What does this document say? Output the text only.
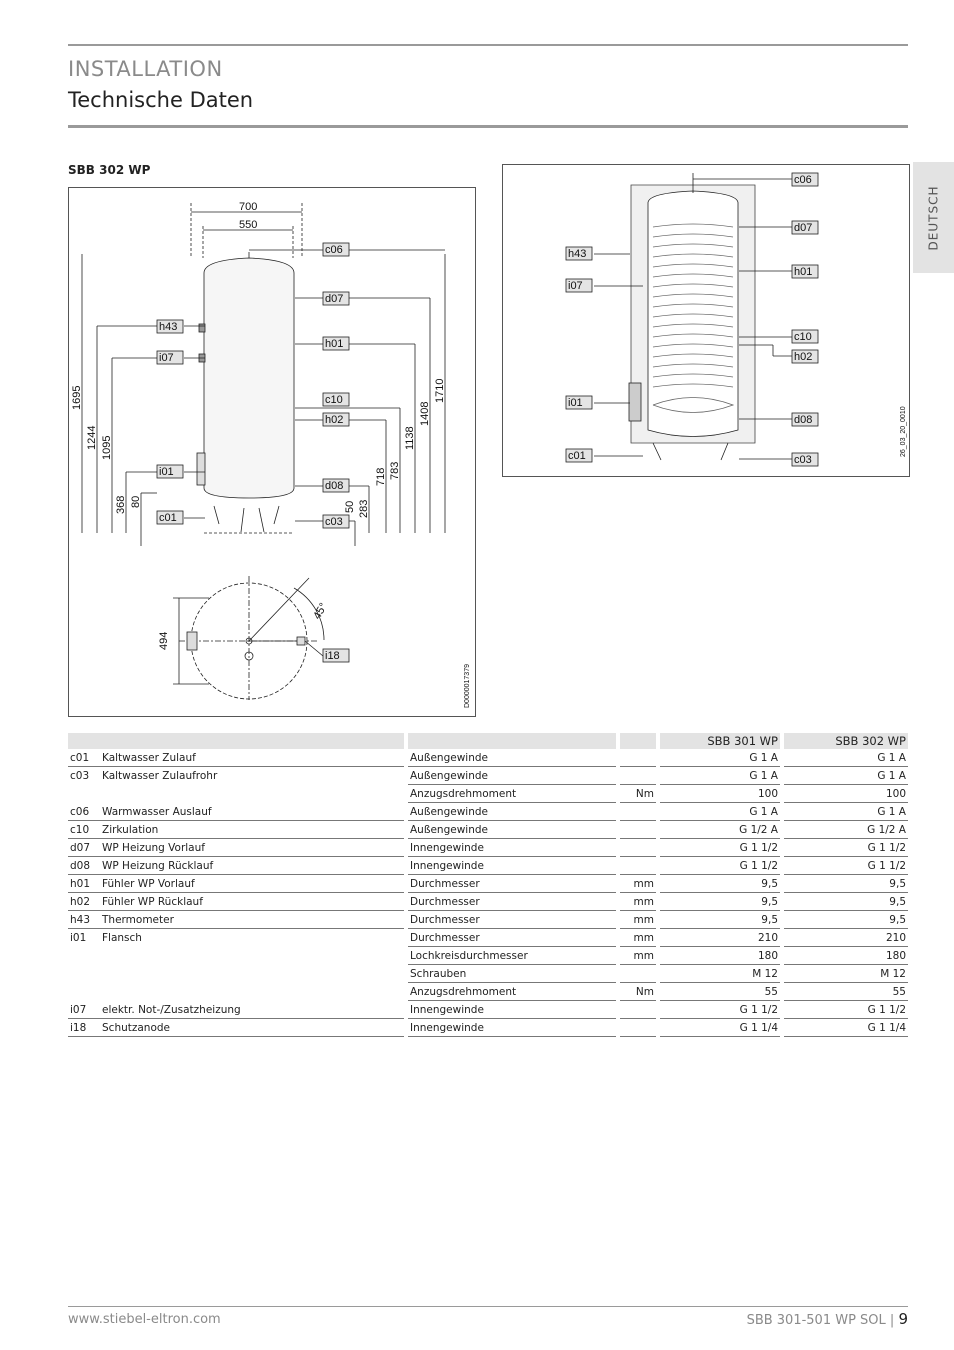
INSTALLATION
Technische Daten
DEUTSCH
SBB 302 WP
700
550
c06
d07
h01
c10
h02
d08
c03
h43
i07
i01
c01
1695
1244 1095
368 80	50 283
718 783
1138
1408
1710
i18
494
45°
D0000017379
c06
d07
h01
c10
h02
d08
c03
h43
i07
i01
c01	26_03_20_0010
							SBB 301 WP		SBB 302 WP
c01	Kaltwasser Zulauf		Außengewinde				G 1 A		G 1 A
c03	Kaltwasser Zulaufrohr		Außengewinde				G 1 A		G 1 A
			Anzugsdrehmoment		Nm		100		100
c06	Warmwasser Auslauf		Außengewinde				G 1 A		G 1 A
c10	Zirkulation		Außengewinde				G 1/2 A		G 1/2 A
d07	WP Heizung Vorlauf		Innengewinde				G 1 1/2		G 1 1/2
d08	WP Heizung Rücklauf		Innengewinde				G 1 1/2		G 1 1/2
h01	Fühler WP Vorlauf		Durchmesser		mm		9,5		9,5
h02	Fühler WP Rücklauf		Durchmesser		mm		9,5		9,5
h43	Thermometer		Durchmesser		mm		9,5		9,5
i01	Flansch		Durchmesser		mm		210		210
			Lochkreisdurchmesser		mm		180		180
			Schrauben				M 12		M 12
			Anzugsdrehmoment		Nm		55		55
i07	elektr. Not-/Zusatzheizung		Innengewinde				G 1 1/2		G 1 1/2
i18	Schutzanode		Innengewinde				G 1 1/4		G 1 1/4
www.stiebel-eltron.com	SBB 301-501 WP SOL | 9
